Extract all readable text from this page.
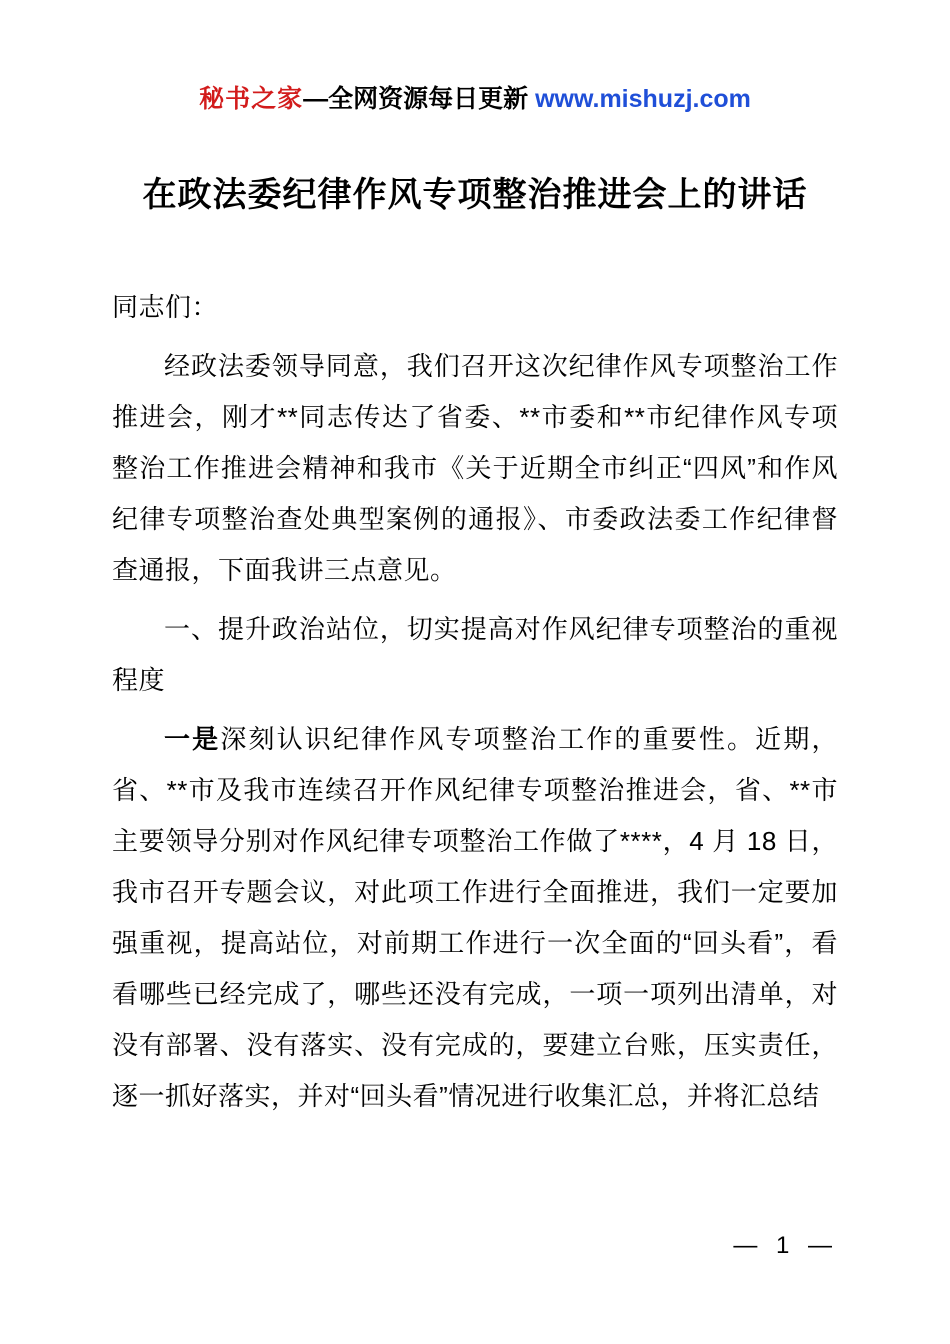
秘书之家—全网资源每日更新 www.mishuzj.com
在政法委纪律作风专项整治推进会上的讲话

同志们：

经政法委领导同意，我们召开这次纪律作风专项整治工作推进会，刚才**同志传达了省委、**市委和**市纪律作风专项整治工作推进会精神和我市《关于近期全市纠正“四风”和作风纪律专项整治查处典型案例的通报》、市委政法委工作纪律督查通报，下面我讲三点意见。

一、提升政治站位，切实提高对作风纪律专项整治的重视程度

一是深刻认识纪律作风专项整治工作的重要性。近期，省、**市及我市连续召开作风纪律专项整治推进会，省、**市主要领导分别对作风纪律专项整治工作做了****，4 月 18 日，我市召开专题会议，对此项工作进行全面推进，我们一定要加强重视，提高站位，对前期工作进行一次全面的“回头看”，看看哪些已经完成了，哪些还没有完成，一项一项列出清单，对没有部署、没有落实、没有完成的，要建立台账，压实责任，逐一抓好落实，并对“回头看”情况进行收集汇总，并将汇总结

— 1 —
